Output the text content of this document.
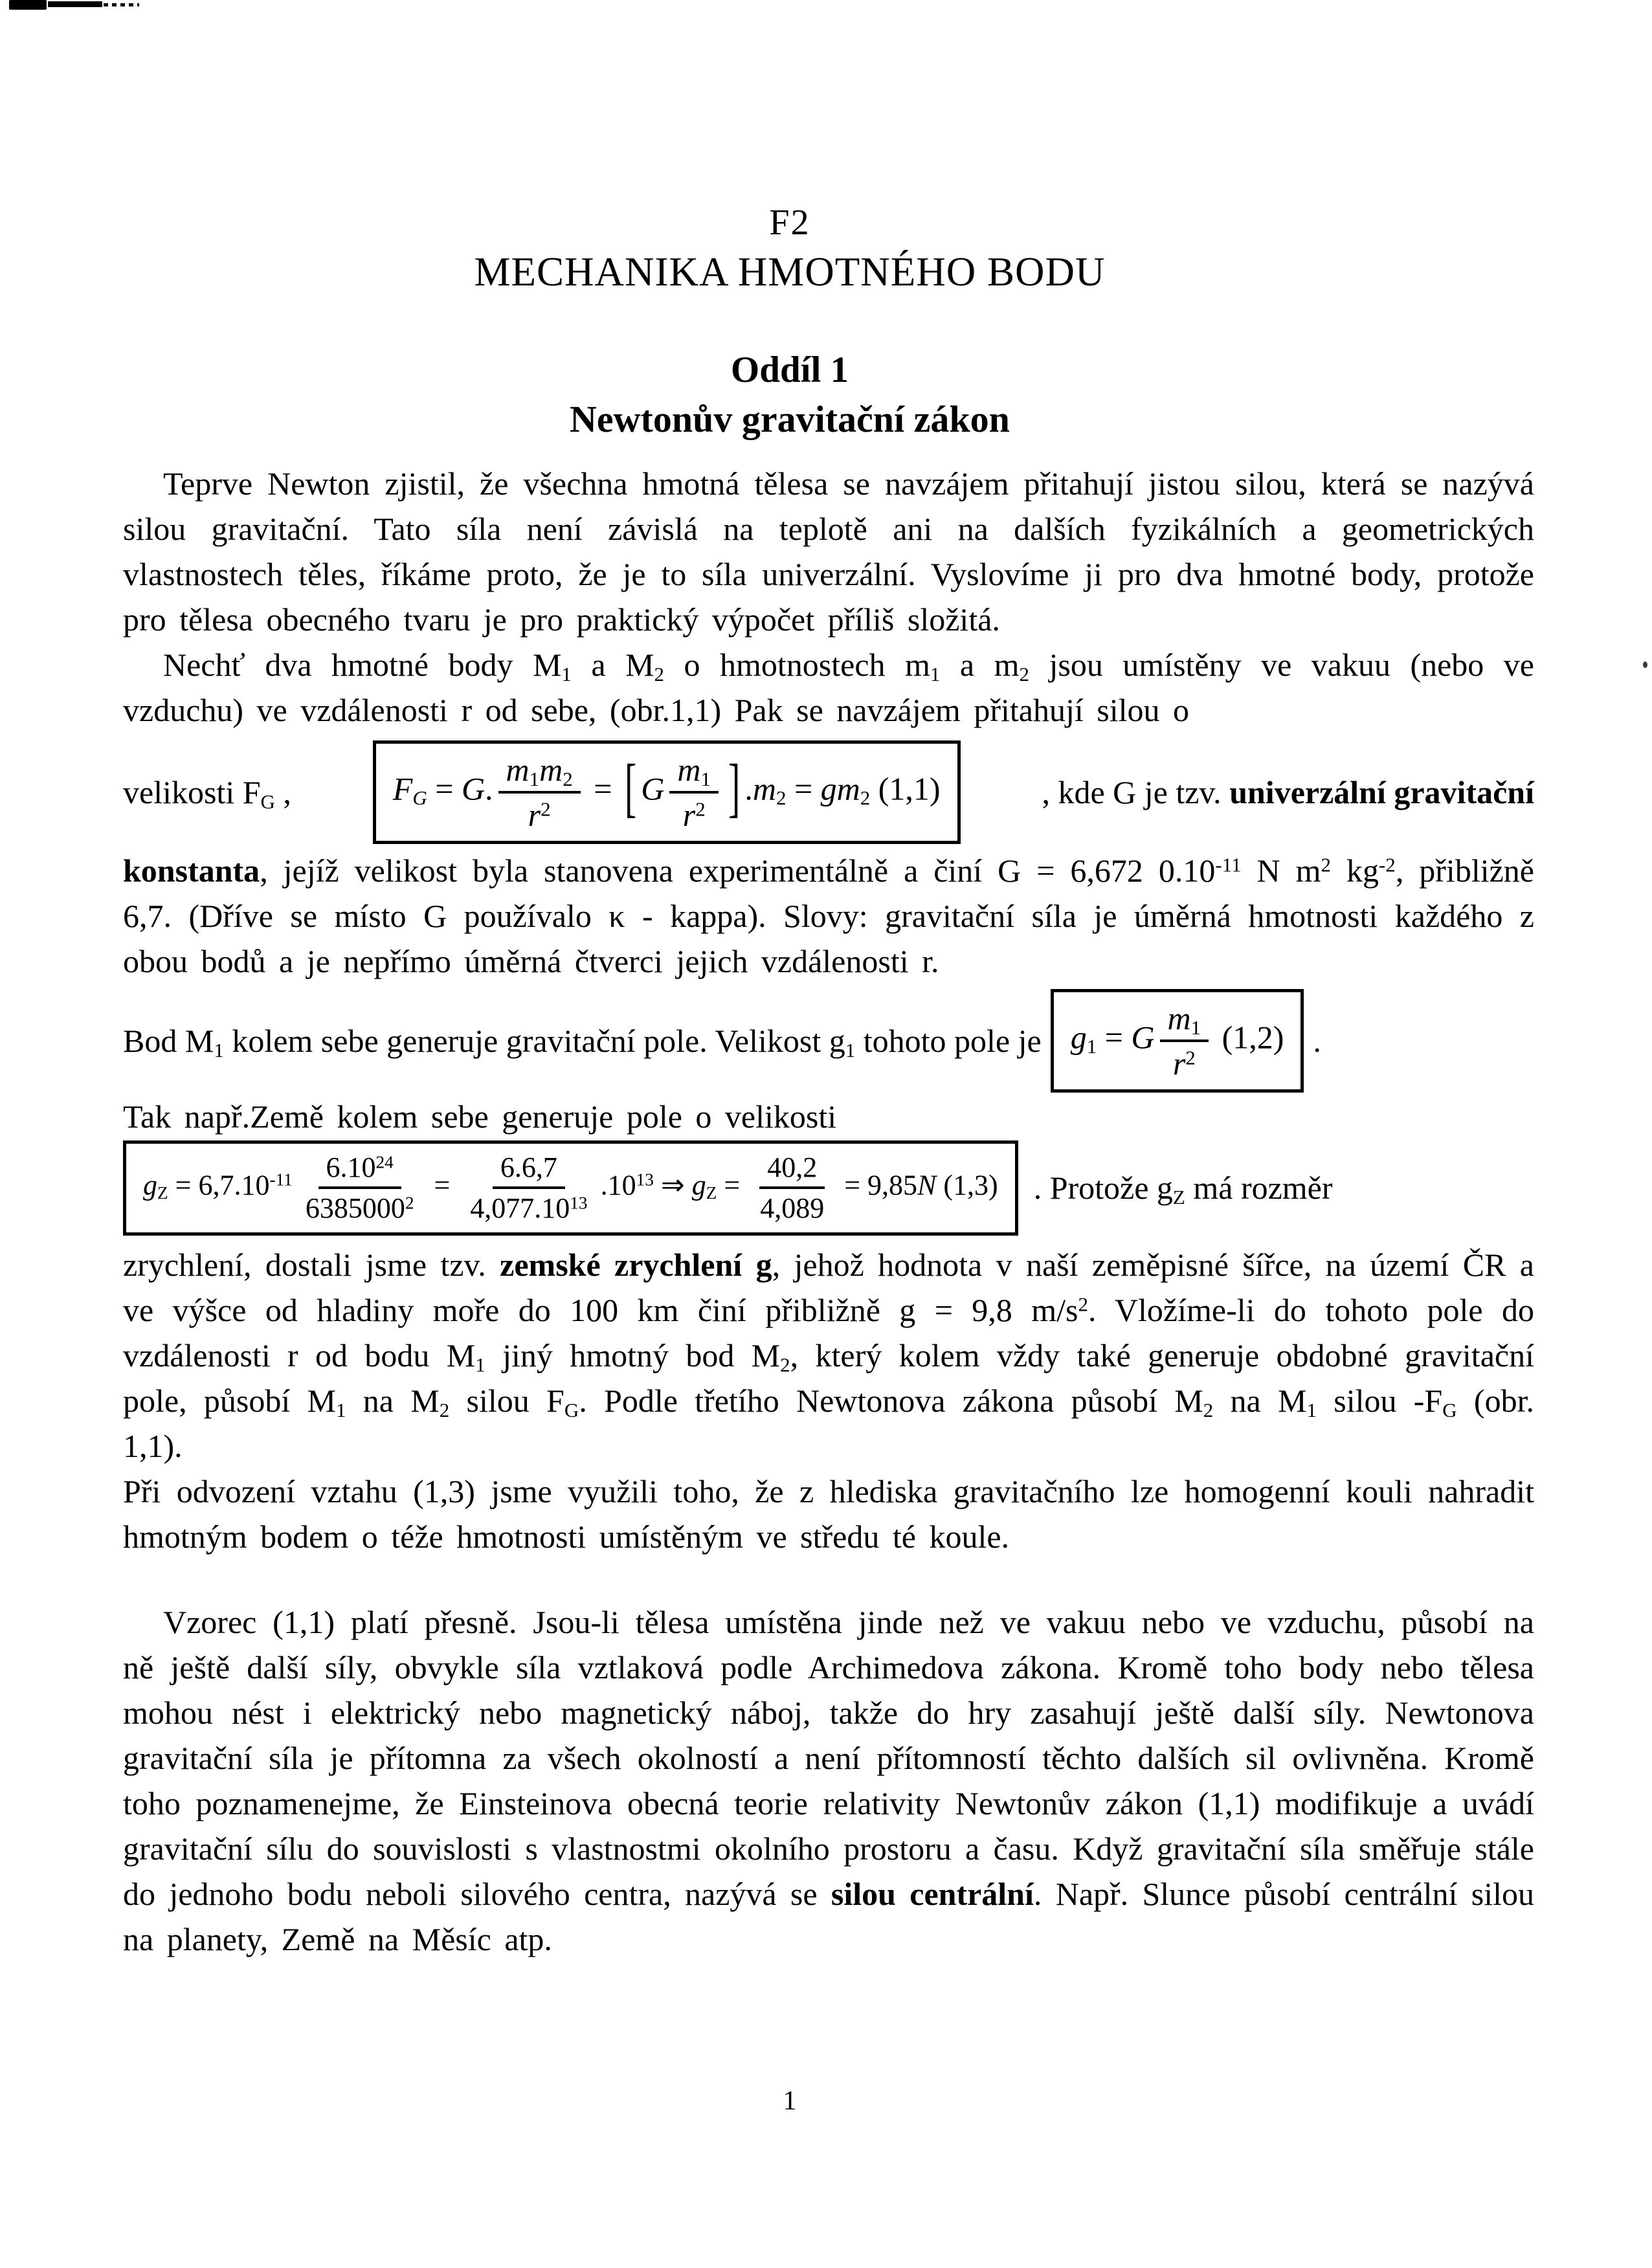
F2
MECHANIKA HMOTNÉHO BODU
Oddíl 1
Newtonův gravitační zákon

Teprve Newton zjistil, že všechna hmotná tělesa se navzájem přitahují jistou silou, která se nazývá silou gravitační. Tato síla není závislá na teplotě ani na dalších fyzikálních a geometrických vlastnostech těles, říkáme proto, že je to síla univerzální. Vyslovíme ji pro dva hmotné body, protože pro tělesa obecného tvaru je pro praktický výpočet příliš složitá.

Nechť dva hmotné body $M_1$ a $M_2$ o hmotnostech $m_1$ a $m_2$ jsou umístěny ve vakuu (nebo ve vzduchu) ve vzdálenosti r od sebe, (obr.1,1) Pak se navzájem přitahují silou o

velikosti $F_G$ ,	$F_G = G$. $\frac{m_1m_2}{r^2}$ = [ G $\frac{m_1}{r^2}$ ] $.m_2 = gm_2$ (1,1)	, kde G je tzv. univerzální gravitační

konstanta, jejíž velikost byla stanovena experimentálně a činí G = 6,672 $0.10^{-11}$ N $m^2$ $kg^{-2}$, přibližně 6,7. (Dříve se místo G používalo κ - kappa). Slovy: gravitační síla je úměrná hmotnosti každého z obou bodů a je nepřímo úměrná čtverci jejich vzdálenosti r.

Bod $M_1$ kolem sebe generuje gravitační pole. Velikost $g_1$ tohoto pole je $g_1 = G \frac{m_1}{r^2} (1,2)$ .

Tak např.Země kolem sebe generuje pole o velikosti

$g_Z = 6,7.10^{-11} \frac{6.10^{24}}{6385000^2} = \frac{6.6,7}{4,077.10^{13}} .10^{13}$ ⇒ $g_Z = \frac{40,2}{4,089} = 9,85N$ (1,3) . Protože $g_Z$ má rozměr

zrychlení, dostali jsme tzv. zemské zrychlení g, jehož hodnota v naší zeměpisné šířce, na území ČR a ve výšce od hladiny moře do 100 km činí přibližně g = 9,8 $m/s^2$. Vložíme-li do tohoto pole do vzdálenosti r od bodu $M_1$ jiný hmotný bod $M_2$, který kolem vždy také generuje obdobné gravitační pole, působí $M_1$ na $M_2$ silou $F_G$. Podle třetího Newtonova zákona působí $M_2$ na $M_1$ silou $-F_G$ (obr. 1,1).

Při odvození vztahu (1,3) jsme využili toho, že z hlediska gravitačního lze homogenní kouli nahradit hmotným bodem o téže hmotnosti umístěným ve středu té koule.

Vzorec (1,1) platí přesně. Jsou-li tělesa umístěna jinde než ve vakuu nebo ve vzduchu, působí na ně ještě další síly, obvykle síla vztlaková podle Archimedova zákona. Kromě toho body nebo tělesa mohou nést i elektrický nebo magnetický náboj, takže do hry zasahují ještě další síly. Newtonova gravitační síla je přítomna za všech okolností a není přítomností těchto dalších sil ovlivněna. Kromě toho poznamenejme, že Einsteinova obecná teorie relativity Newtonův zákon (1,1) modifikuje a uvádí gravitační sílu do souvislosti s vlastnostmi okolního prostoru a času. Když gravitační síla směřuje stále do jednoho bodu neboli silového centra, nazývá se silou centrální. Např. Slunce působí centrální silou na planety, Země na Měsíc atp.

1
